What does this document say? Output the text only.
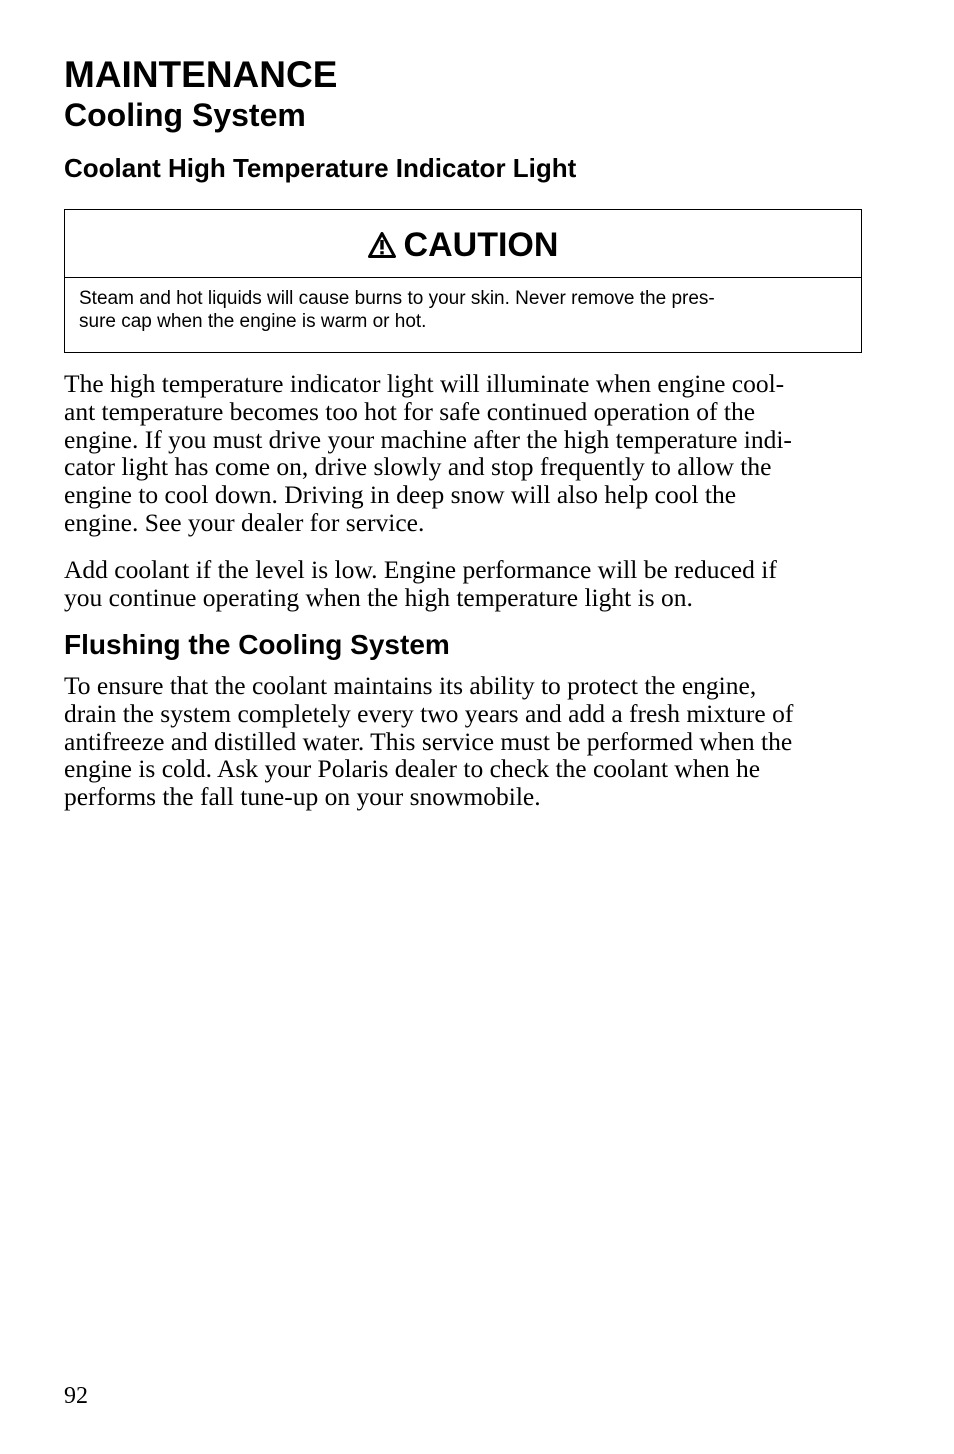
MAINTENANCE
Cooling System
Coolant High Temperature Indicator Light
CAUTION
Steam and hot liquids will cause burns to your skin. Never remove the pres-
sure cap when the engine is warm or hot.

The high temperature indicator light will illuminate when engine cool-
ant temperature becomes too hot for safe continued operation of the
engine. If you must drive your machine after the high temperature indi-
cator light has come on, drive slowly and stop frequently to allow the
engine to cool down. Driving in deep snow will also help cool the
engine. See your dealer for service.

Add coolant if the level is low. Engine performance will be reduced if
you continue operating when the high temperature light is on.

Flushing the Cooling System

To ensure that the coolant maintains its ability to protect the engine,
drain the system completely every two years and add a fresh mixture of
antifreeze and distilled water. This service must be performed when the
engine is cold. Ask your Polaris dealer to check the coolant when he
performs the fall tune-up on your snowmobile.

92
